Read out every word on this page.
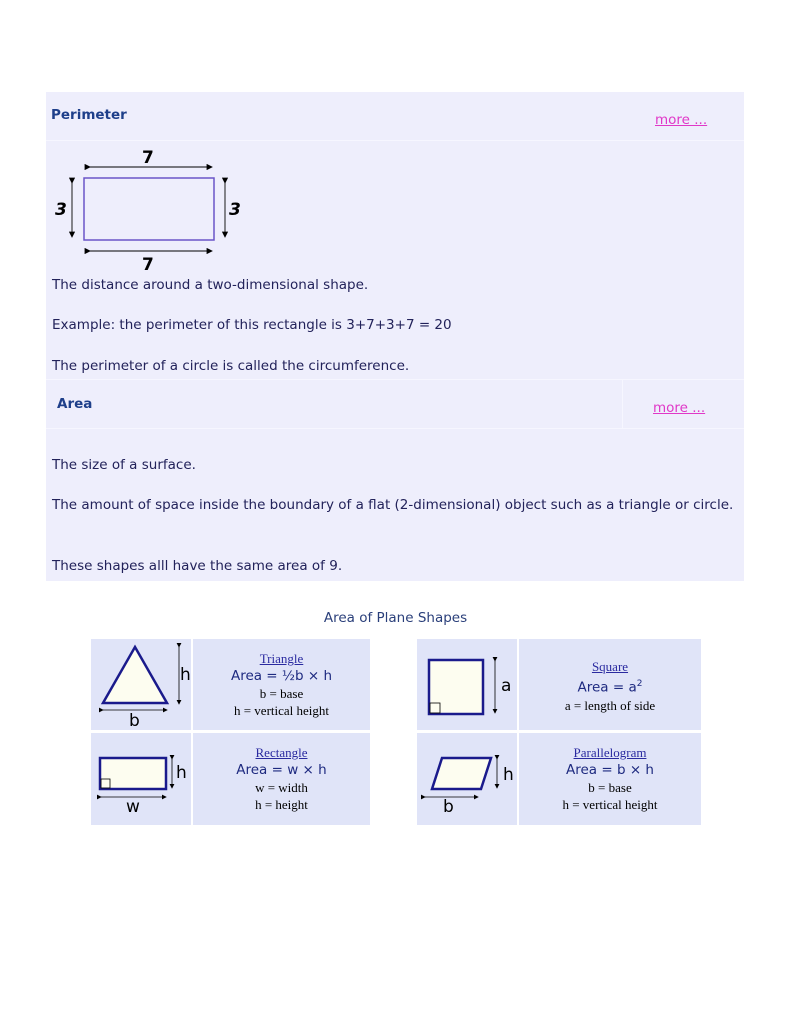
Perimeter	more ...
7
7
3	3
The distance around a two-dimensional shape.
Example: the perimeter of this rectangle is 3+7+3+7 = 20
The perimeter of a circle is called the circumference.
Area	more ...
The size of a surface.
The amount of space inside the boundary of a flat (2-dimensional) object such as a triangle or circle.
These shapes alll have the same area of 9.
Area of Plane Shapes
h
b
Triangle
Area = ½b × h
b = base
h = vertical height
h
w
Rectangle
Area = w × h
w = width
h = height
a
Square
Area = $a^2$
a = length of side
h
b
Parallelogram
Area = b × h
b = base
h = vertical height
